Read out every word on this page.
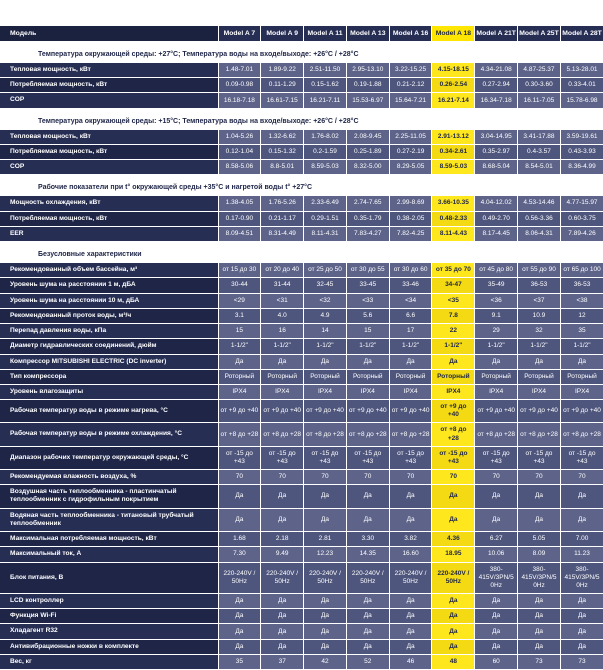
Модель	Model A 7	Model A 9	Model A 11	Model A 13	Model A 16	Model A 18	Model A 21T	Model A 25T	Model A 28T
Температура окружающей среды: +27°C; Температура воды на входе/выходе: +26°C / +28°C									
Тепловая мощность, кВт	1.48-7.01	1.89-9.22	2.51-11.50	2.95-13.10	3.22-15.25	4.15-18.15	4.34-21.08	4.87-25.37	5.13-28.01
Потребляемая мощность, кВт	0.09-0.98	0.11-1.29	0.15-1.62	0.19-1.88	0.21-2.12	0.26-2.54	0.27-2.94	0.30-3.60	0.33-4.01
COP	16.18-7.18	16.61-7.15	16.21-7.11	15.53-6.97	15.64-7.21	16.21-7.14	16.34-7.18	16.11-7.05	15.78-6.98
Температура окружающей среды: +15°C; Температура воды на входе/выходе: +26°C / +28°C									
Тепловая мощность, кВт	1.04-5.26	1.32-6.62	1.76-8.02	2.08-9.45	2.25-11.05	2.91-13.12	3.04-14.95	3.41-17.88	3.59-19.61
Потребляемая мощность, кВт	0.12-1.04	0.15-1.32	0.2-1.59	0.25-1.89	0.27-2.19	0.34-2.61	0.35-2.97	0.4-3.57	0.43-3.93
COP	8.58-5.06	8.8-5.01	8.59-5.03	8.32-5.00	8.29-5.05	8.59-5.03	8.68-5.04	8.54-5.01	8.36-4.99
Рабочие показатели при t° окружающей среды +35°C и нагретой воды t° +27°C									
Мощность охлаждения, кВт	1.38-4.05	1.76-5.26	2.33-6.49	2.74-7.65	2.99-8.69	3.66-10.35	4.04-12.02	4.53-14.46	4.77-15.97
Потребляемая мощность, кВт	0.17-0.90	0.21-1.17	0.29-1.51	0.35-1.79	0.38-2.05	0.48-2.33	0.49-2.70	0.56-3.36	0.60-3.75
EER	8.09-4.51	8.31-4.49	8.11-4.31	7.83-4.27	7.82-4.25	8.11-4.43	8.17-4.45	8.06-4.31	7.89-4.26
Безусловные характеристики									
Рекомендованный объем бассейна, м³	от 15 до 30	от 20 до 40	от 25 до 50	от 30 до 55	от 30 до 60	от 35 до 70	от 45 до 80	от 55 до 90	от 65 до 100
Уровень шума на расстоянии 1 м, дБА	30-44	31-44	32-45	33-45	33-46	34-47	35-49	36-53	36-53
Уровень шума на расстоянии 10 м, дБА	<29	<31	<32	<33	<34	<35	<36	<37	<38
Рекомендованный проток воды, м³/ч	3.1	4.0	4.9	5.6	6.6	7.8	9.1	10.9	12
Перепад давления воды, кПа	15	16	14	15	17	22	29	32	35
Диаметр гидравлических соединений, дюйм	1-1/2"	1-1/2"	1-1/2"	1-1/2"	1-1/2"	1-1/2"	1-1/2"	1-1/2"	1-1/2"
Компрессор MITSUBISHI ELECTRIC (DC inverter)	Да	Да	Да	Да	Да	Да	Да	Да	Да
Тип компрессора	Роторный	Роторный	Роторный	Роторный	Роторный	Роторный	Роторный	Роторный	Роторный
Уровень влагозащиты	IPX4	IPX4	IPX4	IPX4	IPX4	IPX4	IPX4	IPX4	IPX4
Рабочая температур воды в режиме нагрева, °C	от +9 до +40	от +9 до +40	от +9 до +40	от +9 до +40	от +9 до +40	от +9 до +40	от +9 до +40	от +9 до +40	от +9 до +40
Рабочая температур воды в режиме охлаждения, °C	от +8 до +28	от +8 до +28	от +8 до +28	от +8 до +28	от +8 до +28	от +8 до +28	от +8 до +28	от +8 до +28	от +8 до +28
Диапазон рабочих температур окружающей среды, °C	от -15 до +43	от -15 до +43	от -15 до +43	от -15 до +43	от -15 до +43	от -15 до +43	от -15 до +43	от -15 до +43	от -15 до +43
Рекомендуемая влажность воздуха, %	70	70	70	70	70	70	70	70	70
Воздушная часть теплообменника - пластинчатый теплообменник с гидрофильным покрытием	Да	Да	Да	Да	Да	Да	Да	Да	Да
Водяная часть теплообменника - титановый трубчатый теплообменник	Да	Да	Да	Да	Да	Да	Да	Да	Да
Максимальная потребляемая мощность, кВт	1.68	2.18	2.81	3.30	3.82	4.36	6.27	5.05	7.00
Максимальный ток, А	7.30	9.49	12.23	14.35	16.60	18.95	10.06	8.09	11.23
Блок питания, В	220-240V / 50Hz	220-240V / 50Hz	220-240V / 50Hz	220-240V / 50Hz	220-240V / 50Hz	220-240V / 50Hz	380-415V/3PN/50Hz	380-415V/3PN/50Hz	380-415V/3PN/50Hz
LCD контроллер	Да	Да	Да	Да	Да	Да	Да	Да	Да
Функция Wi-Fi	Да	Да	Да	Да	Да	Да	Да	Да	Да
Хладагент R32	Да	Да	Да	Да	Да	Да	Да	Да	Да
Антивибрационные ножки в комплекте	Да	Да	Да	Да	Да	Да	Да	Да	Да
Вес, кг	35	37	42	52	46	48	60	73	73
